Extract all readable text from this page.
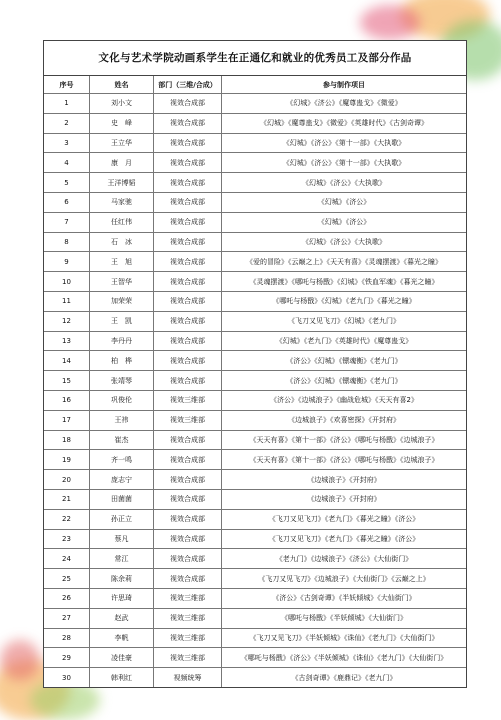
文化与艺术学院动画系学生在正通亿和就业的优秀员工及部分作品
序号	姓名	部门（三维/合成）	参与制作项目
1	刘小文	视效合成部	《幻城》《济公》《魔尊蛊戈》《微爱》
2	史　峰	视效合成部	《幻城》《魔尊蛊戈》《微爱》《英雄时代》《古剑奇谭》
3	王立华	视效合成部	《幻城》《济公》《第十一部》《大执歌》
4	康　月	视效合成部	《幻城》《济公》《第十一部》《大执歌》
5	王洋博韬	视效合成部	《幻城》《济公》《大执歌》
6	马家驰	视效合成部	《幻城》《济公》
7	任红伟	视效合成部	《幻城》《济公》
8	石　冰	视效合成部	《幻城》《济公》《大执歌》
9	王　旭	视效合成部	《爱的冒险》《云巅之上》《天天有喜》《灵魂摆渡》《暮光之瞳》
10	王智华	视效合成部	《灵魂摆渡》《哪吒与杨戬》《幻城》《铁血军魂》《暮光之瞳》
11	加荣荣	视效合成部	《哪吒与杨戬》《幻城》《老九门》《暮光之瞳》
12	王　凯	视效合成部	《飞刀又见飞刀》《幻城》《老九门》
13	李丹丹	视效合成部	《幻城》《老九门》《英雄时代》《魔尊蛊戈》
14	柏　桦	视效合成部	《济公》《幻城》《镖魂衡》《老九门》
15	张靖琴	视效合成部	《济公》《幻城》《镖魂衡》《老九门》
16	巩俊伦	视效三维部	《济公》《边城浪子》《幽战危城》《天天有喜2》
17	王祎	视效三维部	《边城浪子》《欢喜密探》《开封府》
18	崔杰	视效合成部	《天天有喜》《第十一部》《济公》《哪吒与杨戬》《边城浪子》
19	齐一鸣	视效合成部	《天天有喜》《第十一部》《济公》《哪吒与杨戬》《边城浪子》
20	庞志宁	视效合成部	《边城浪子》《开封府》
21	田菌菌	视效合成部	《边城浪子》《开封府》
22	孙正立	视效合成部	《飞刀又见飞刀》《老九门》《暮光之瞳》《济公》
23	蔡凡	视效合成部	《飞刀又见飞刀》《老九门》《暮光之瞳》《济公》
24	常江	视效合成部	《老九门》《边城浪子》《济公》《大仙街门》
25	陈余莉	视效合成部	《飞刀又见飞刀》《边城浪子》《大仙街门》《云巅之上》
26	许思琦	视效三维部	《济公》《古剑奇谭》《半妖倾城》《大仙街门》
27	赵武	视效三维部	《哪吒与杨戬》《半妖倾城》《大仙街门》
28	李帆	视效三维部	《飞刀又见飞刀》《半妖倾城》《诛仙》《老九门》《大仙街门》
29	凌佳豪	视效三维部	《哪吒与杨戬》《济公》《半妖倾城》《诛仙》《老九门》《大仙街门》
30	韩利红	视频统筹	《古剑奇谭》《鹿鼎记》《老九门》
